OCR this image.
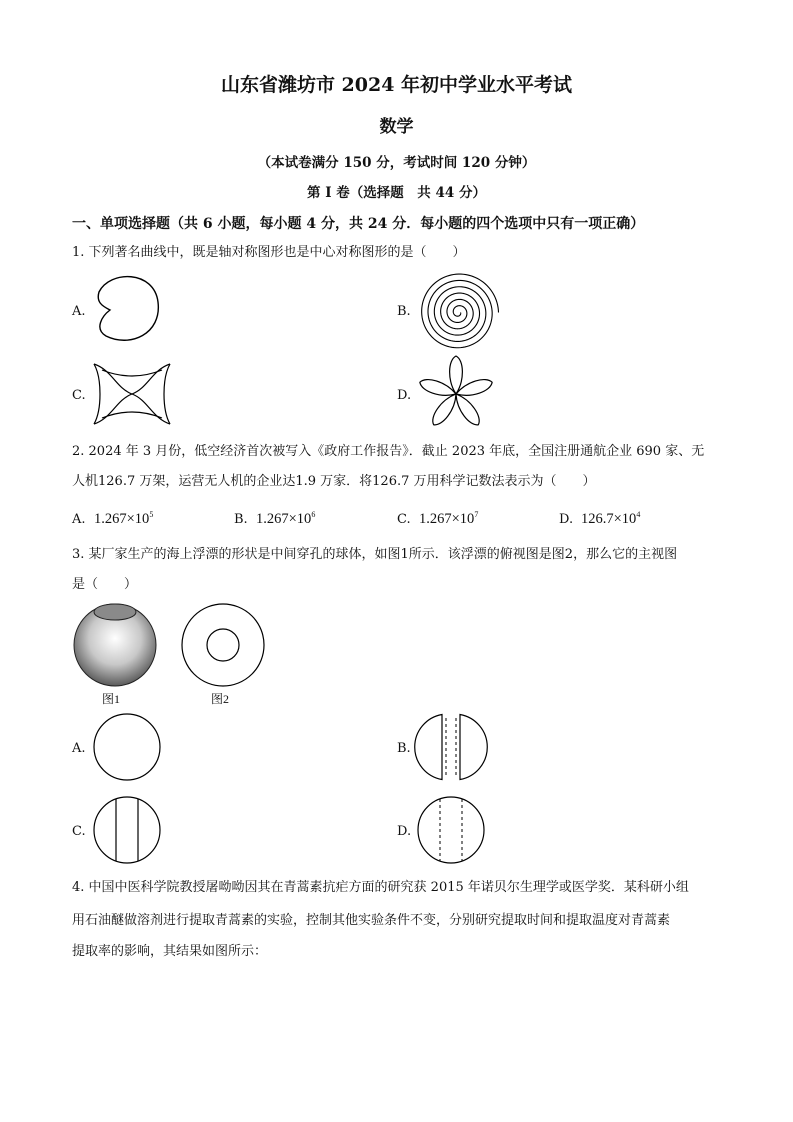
山东省潍坊市 2024 年初中学业水平考试
数学
（本试卷满分 150 分，考试时间 120 分钟）
第 I 卷（选择题　共 44 分）
一、单项选择题（共 6 小题，每小题 4 分，共 24 分．每小题的四个选项中只有一项正确）
1. 下列著名曲线中，既是轴对称图形也是中心对称图形的是（　　）
A.	B.
C.	D.
2. 2024 年 3 月份，低空经济首次被写入《政府工作报告》．截止 2023 年底，全国注册通航企业 690 家、无
人机126.7 万架，运营无人机的企业达1.9 万家．将126.7 万用科学记数法表示为（　　）
A. $1.267\times 10^5$	B. $1.267\times 10^6$	C. $1.267\times 10^7$	D. $126.7\times 10^4$
3. 某厂家生产的海上浮漂的形状是中间穿孔的球体，如图1所示．该浮漂的俯视图是图2，那么它的主视图
是（　　）
图1	图2
A.	B.
C.	D.
4. 中国中医科学院教授屠呦呦因其在青蒿素抗疟方面的研究获 2015 年诺贝尔生理学或医学奖．某科研小组
用石油醚做溶剂进行提取青蒿素的实验，控制其他实验条件不变，分别研究提取时间和提取温度对青蒿素
提取率的影响，其结果如图所示：
